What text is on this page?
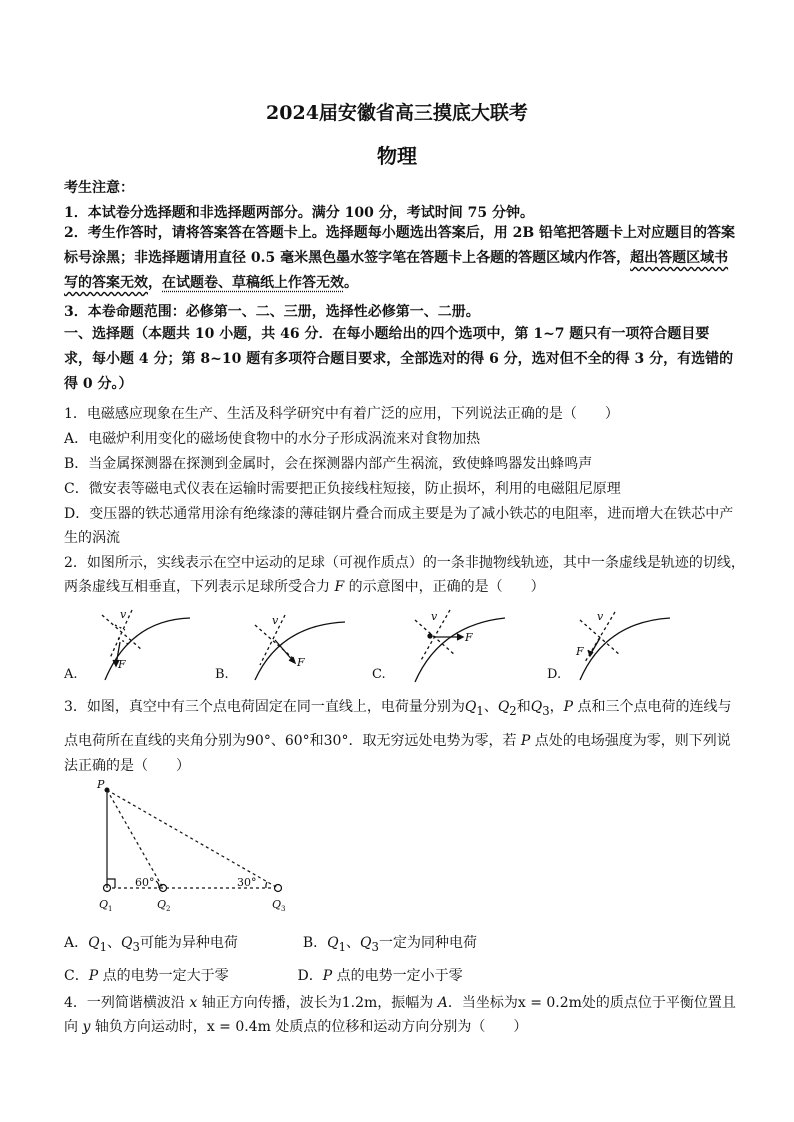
2024届安徽省高三摸底大联考
物理
考生注意：
1．本试卷分选择题和非选择题两部分。满分 100 分，考试时间 75 分钟。
2．考生作答时，请将答案答在答题卡上。选择题每小题选出答案后，用 2B 铅笔把答题卡上对应题目的答案标号涂黑；非选择题请用直径 0.5 毫米黑色墨水签字笔在答题卡上各题的答题区域内作答，超出答题区域书写的答案无效，在试题卷、草稿纸上作答无效。
3．本卷命题范围：必修第一、二、三册，选择性必修第一、二册。
一、选择题（本题共 10 小题，共 46 分．在每小题给出的四个选项中，第 1~7 题只有一项符合题目要求，每小题 4 分；第 8~10 题有多项符合题目要求，全部选对的得 6 分，选对但不全的得 3 分，有选错的得 0 分。）
1．电磁感应现象在生产、生活及科学研究中有着广泛的应用，下列说法正确的是（　　）
A．电磁炉利用变化的磁场使食物中的水分子形成涡流来对食物加热
B．当金属探测器在探测到金属时，会在探测器内部产生祸流，致使蜂鸣器发出蜂鸣声
C．微安表等磁电式仪表在运输时需要把正负接线柱短接，防止损坏，利用的电磁阻尼原理
D．变压器的铁芯通常用涂有绝缘漆的薄硅钢片叠合而成主要是为了减小铁芯的电阻率，进而增大在铁芯中产
生的涡流
2．如图所示，实线表示在空中运动的足球（可视作质点）的一条非抛物线轨迹，其中一条虚线是轨迹的切线，
两条虚线互相垂直，下列表示足球所受合力 F 的示意图中，正确的是（　　）
v
F
v
F
v
F
v
F
A.	B.	C.	D.
3．如图，真空中有三个点电荷固定在同一直线上，电荷量分别为$Q_1$、$Q_2$和$Q_3$，P 点和三个点电荷的连线与
点电荷所在直线的夹角分别为90°、60°和30°．取无穷远处电势为零，若 P 点处的电场强度为零，则下列说
法正确的是（　　）
P
60°	30°
Q 1	Q 2	Q 3
A．$Q_1$、$Q_3$可能为异种电荷	B．$Q_1$、$Q_3$一定为同种电荷
C．P 点的电势一定大于零	D．P 点的电势一定小于零
4．一列简谐横波沿 x 轴正方向传播，波长为1.2m，振幅为 A．当坐标为x = 0.2m处的质点位于平衡位置且
向 y 轴负方向运动时，x = 0.4m 处质点的位移和运动方向分别为（　　）
